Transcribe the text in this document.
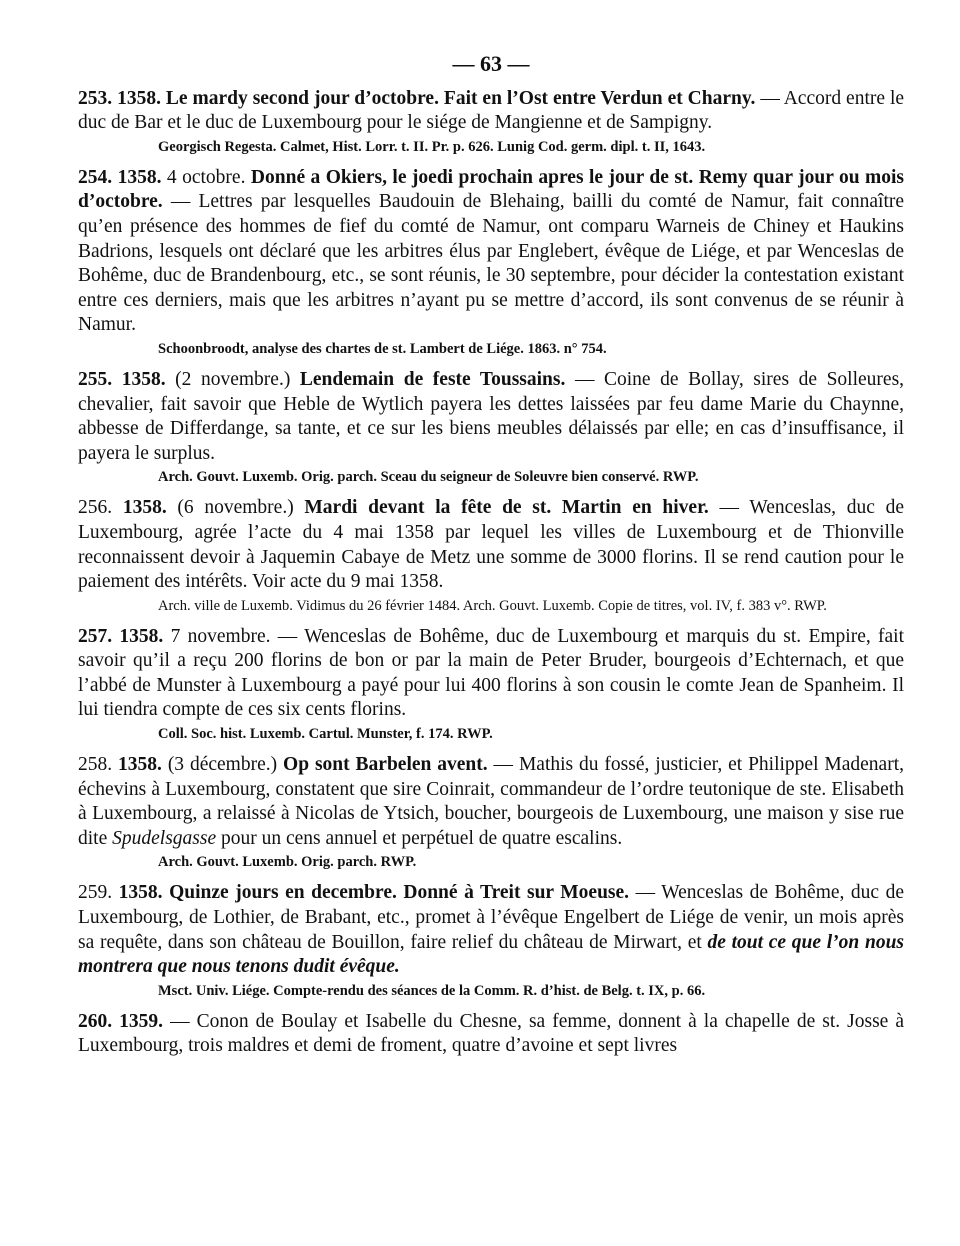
— 63 —

253. 1358. Le mardy second jour d’octobre. Fait en l’Ost entre Verdun et Charny. — Accord entre le duc de Bar et le duc de Luxembourg pour le siége de Mangienne et de Sampigny.

Georgisch Regesta. Calmet, Hist. Lorr. t. II. Pr. p. 626. Lunig Cod. germ. dipl. t. II, 1643.

254. 1358. 4 octobre. Donné a Okiers, le joedi prochain apres le jour de st. Remy quar jour ou mois d’octobre. — Lettres par lesquelles Baudouin de Blehaing, bailli du comté de Namur, fait connaître qu’en présence des hommes de fief du comté de Namur, ont comparu Warneis de Chiney et Haukins Badrions, lesquels ont déclaré que les arbitres élus par Englebert, évêque de Liége, et par Wenceslas de Bohême, duc de Brandenbourg, etc., se sont réunis, le 30 septembre, pour décider la contestation existant entre ces derniers, mais que les arbitres n’ayant pu se mettre d’accord, ils sont convenus de se réunir à Namur.

Schoonbroodt, analyse des chartes de st. Lambert de Liége. 1863. n° 754.

255. 1358. (2 novembre.) Lendemain de feste Toussains. — Coine de Bollay, sires de Solleures, chevalier, fait savoir que Heble de Wytlich payera les dettes laissées par feu dame Marie du Chaynne, abbesse de Differdange, sa tante, et ce sur les biens meubles délaissés par elle; en cas d’insuffisance, il payera le surplus.

Arch. Gouvt. Luxemb. Orig. parch. Sceau du seigneur de Soleuvre bien conservé. RWP.

256. 1358. (6 novembre.) Mardi devant la fête de st. Martin en hiver. — Wenceslas, duc de Luxembourg, agrée l’acte du 4 mai 1358 par lequel les villes de Luxembourg et de Thionville reconnaissent devoir à Jaquemin Cabaye de Metz une somme de 3000 florins. Il se rend caution pour le paiement des intérêts. Voir acte du 9 mai 1358.

Arch. ville de Luxemb. Vidimus du 26 février 1484. Arch. Gouvt. Luxemb. Copie de titres, vol. IV, f. 383 v°. RWP.

257. 1358. 7 novembre. — Wenceslas de Bohême, duc de Luxembourg et marquis du st. Empire, fait savoir qu’il a reçu 200 florins de bon or par la main de Peter Bruder, bourgeois d’Echternach, et que l’abbé de Munster à Luxembourg a payé pour lui 400 florins à son cousin le comte Jean de Spanheim. Il lui tiendra compte de ces six cents florins.

Coll. Soc. hist. Luxemb. Cartul. Munster, f. 174. RWP.

258. 1358. (3 décembre.) Op sont Barbelen avent. — Mathis du fossé, justicier, et Philippel Madenart, échevins à Luxembourg, constatent que sire Coinrait, commandeur de l’ordre teutonique de ste. Elisabeth à Luxembourg, a relaissé à Nicolas de Ytsich, boucher, bourgeois de Luxembourg, une maison y sise rue dite Spudelsgasse pour un cens annuel et perpétuel de quatre escalins.

Arch. Gouvt. Luxemb. Orig. parch. RWP.

259. 1358. Quinze jours en decembre. Donné à Treit sur Moeuse. — Wenceslas de Bohême, duc de Luxembourg, de Lothier, de Brabant, etc., promet à l’évêque Engelbert de Liége de venir, un mois après sa requête, dans son château de Bouillon, faire relief du château de Mirwart, et de tout ce que l’on nous montrera que nous tenons dudit évêque.

Msct. Univ. Liége. Compte-rendu des séances de la Comm. R. d’hist. de Belg. t. IX, p. 66.

260. 1359. — Conon de Boulay et Isabelle du Chesne, sa femme, donnent à la chapelle de st. Josse à Luxembourg, trois maldres et demi de froment, quatre d’avoine et sept livres
